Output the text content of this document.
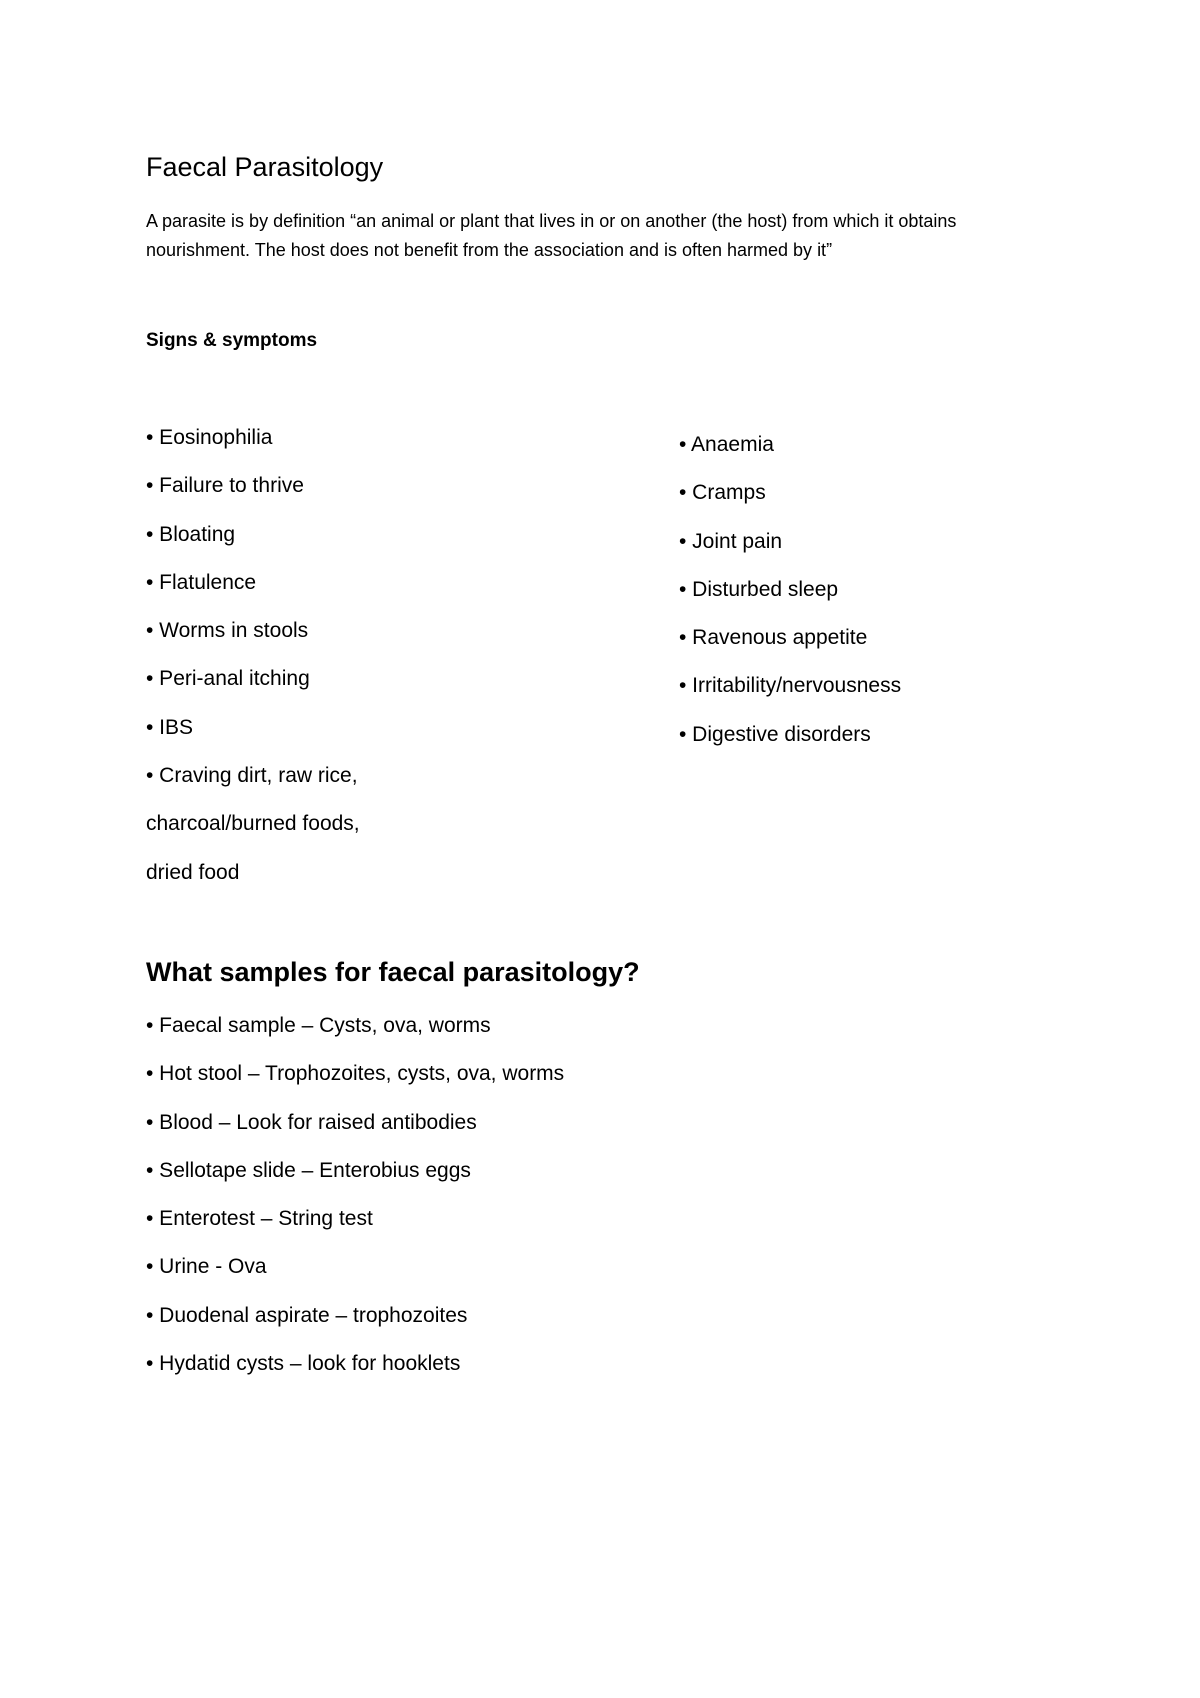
Faecal Parasitology

A parasite is by definition “an animal or plant that lives in or on another (the host) from which it obtains nourishment. The host does not benefit from the association and is often harmed by it”

Signs & symptoms
• Eosinophilia
• Failure to thrive
• Bloating
• Flatulence
• Worms in stools
• Peri-anal itching
• IBS
• Craving dirt, raw rice,
charcoal/burned foods,
dried food
• Anaemia
• Cramps
• Joint pain
• Disturbed sleep
• Ravenous appetite
• Irritability/nervousness
• Digestive disorders
What samples for faecal parasitology?
• Faecal sample – Cysts, ova, worms
• Hot stool – Trophozoites, cysts, ova, worms
• Blood – Look for raised antibodies
• Sellotape slide – Enterobius eggs
• Enterotest – String test
• Urine - Ova
• Duodenal aspirate – trophozoites
• Hydatid cysts – look for hooklets
